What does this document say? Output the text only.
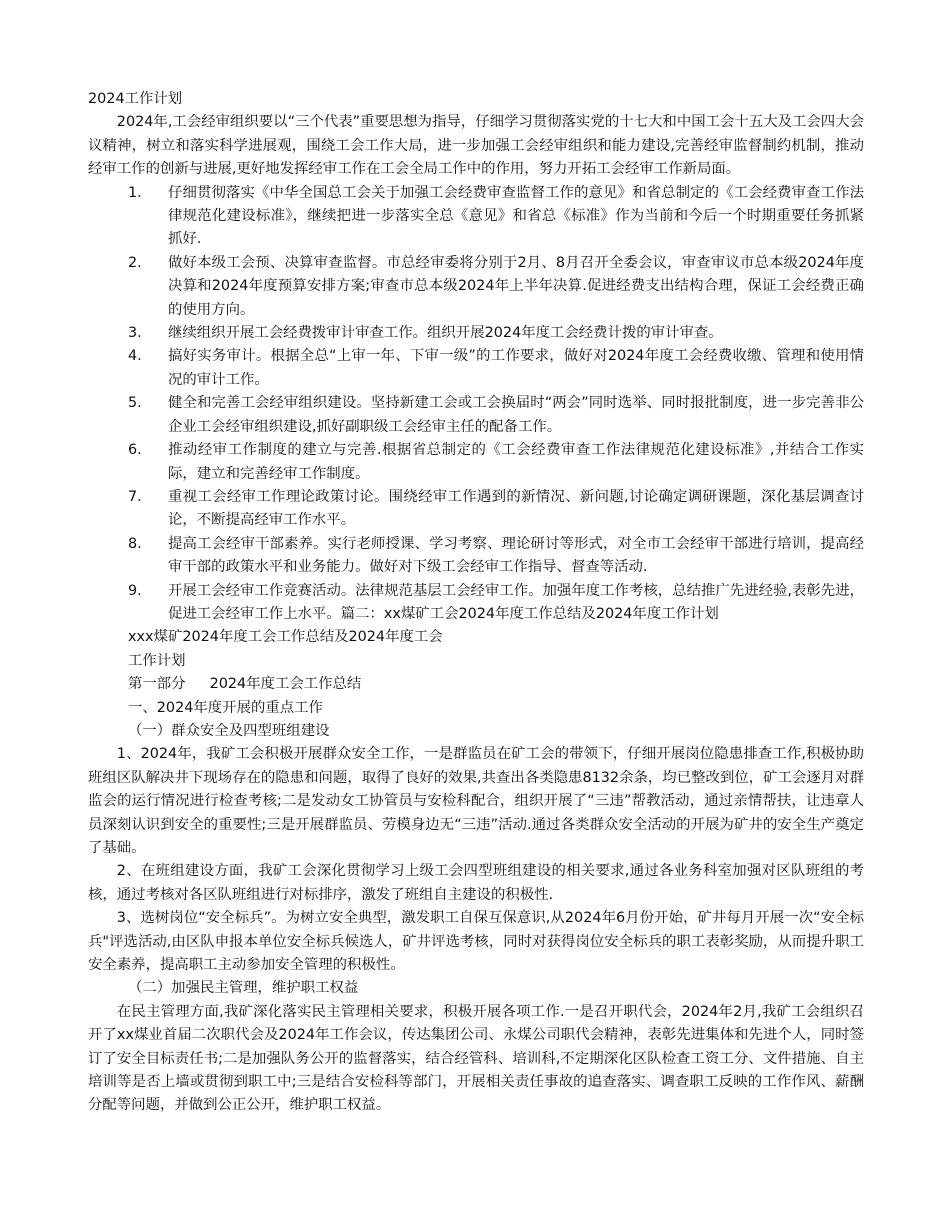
2024工作计划

2024年,工会经审组织要以“三个代表”重要思想为指导，仔细学习贯彻落实党的十七大和中国工会十五大及工会四大会议精神，树立和落实科学进展观，围绕工会工作大局，进一步加强工会经审组织和能力建设,完善经审监督制约机制，推动经审工作的创新与进展,更好地发挥经审工作在工会全局工作中的作用，努力开拓工会经审工作新局面。

1.	仔细贯彻落实《中华全国总工会关于加强工会经费审查监督工作的意见》和省总制定的《工会经费审查工作法律规范化建设标准》，继续把进一步落实全总《意见》和省总《标准》作为当前和今后一个时期重要任务抓紧抓好.
2.	做好本级工会预、决算审查监督。市总经审委将分别于2月、8月召开全委会议，审查审议市总本级2024年度决算和2024年度预算安排方案;审查市总本级2024年上半年决算.促进经费支出结构合理，保证工会经费正确的使用方向。
3.	继续组织开展工会经费拨审计审查工作。组织开展2024年度工会经费计拨的审计审查。
4.	搞好实务审计。根据全总“上审一年、下审一级”的工作要求，做好对2024年度工会经费收缴、管理和使用情况的审计工作。
5.	健全和完善工会经审组织建设。坚持新建工会或工会换届时“两会”同时选举、同时报批制度，进一步完善非公企业工会经审组织建设,抓好副职级工会经审主任的配备工作。
6.	推动经审工作制度的建立与完善.根据省总制定的《工会经费审查工作法律规范化建设标准》,并结合工作实际，建立和完善经审工作制度。
7.	重视工会经审工作理论政策讨论。围绕经审工作遇到的新情况、新问题,讨论确定调研课题，深化基层调查讨论，不断提高经审工作水平。
8.	提高工会经审干部素养。实行老师授课、学习考察、理论研讨等形式，对全市工会经审干部进行培训，提高经审干部的政策水平和业务能力。做好对下级工会经审工作指导、督查等活动.
9.	开展工会经审工作竞赛活动。法律规范基层工会经审工作。加强年度工作考核，总结推广先进经验,表彰先进，促进工会经审工作上水平。篇二：xx煤矿工会2024年度工作总结及2024年度工作计划

xxx煤矿2024年度工会工作总结及2024年度工会

工作计划

第一部分 2024年度工会工作总结

一、2024年度开展的重点工作

（一）群众安全及四型班组建设

1、2024年，我矿工会积极开展群众安全工作，一是群监员在矿工会的带领下，仔细开展岗位隐患排查工作,积极协助班组区队解决井下现场存在的隐患和问题，取得了良好的效果,共查出各类隐患8132余条，均已整改到位，矿工会逐月对群监会的运行情况进行检查考核;二是发动女工协管员与安检科配合，组织开展了“三违”帮教活动，通过亲情帮扶，让违章人员深刻认识到安全的重要性;三是开展群监员、劳模身边无“三违”活动.通过各类群众安全活动的开展为矿井的安全生产奠定了基础。

2、在班组建设方面，我矿工会深化贯彻学习上级工会四型班组建设的相关要求,通过各业务科室加强对区队班组的考核，通过考核对各区队班组进行对标排序，激发了班组自主建设的积极性.

3、选树岗位“安全标兵”。为树立安全典型，激发职工自保互保意识,从2024年6月份开始，矿井每月开展一次“安全标兵"评选活动,由区队申报本单位安全标兵候选人，矿井评选考核，同时对获得岗位安全标兵的职工表彰奖励，从而提升职工安全素养，提高职工主动参加安全管理的积极性。

（二）加强民主管理，维护职工权益

在民主管理方面,我矿深化落实民主管理相关要求，积极开展各项工作.一是召开职代会，2024年2月,我矿工会组织召开了xx煤业首届二次职代会及2024年工作会议，传达集团公司、永煤公司职代会精神，表彰先进集体和先进个人，同时签订了安全目标责任书;二是加强队务公开的监督落实，结合经管科、培训科,不定期深化区队检查工资工分、文件措施、自主培训等是否上墙或贯彻到职工中;三是结合安检科等部门，开展相关责任事故的追查落实、调查职工反映的工作作风、薪酬分配等问题，并做到公正公开，维护职工权益。
